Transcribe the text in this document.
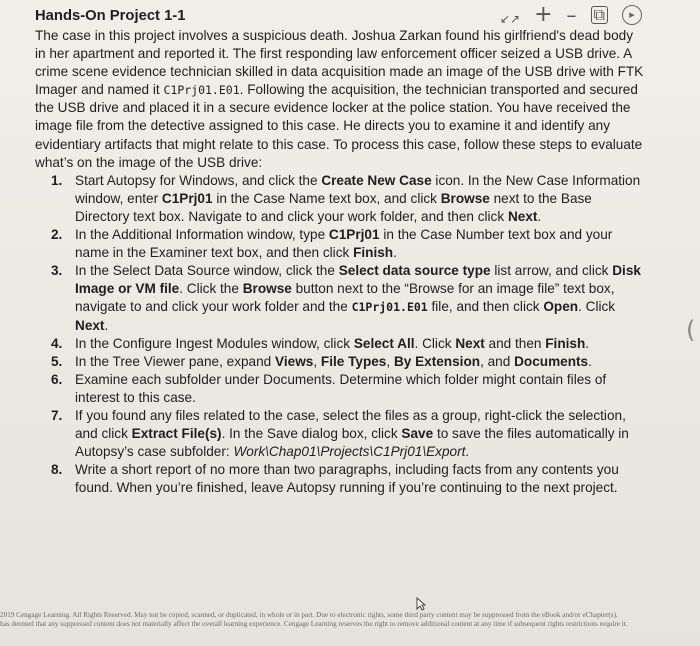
↙↗ + – ⧉	▸
Hands-On Project 1-1

The case in this project involves a suspicious death. Joshua Zarkan found his girlfriend's dead body in her apartment and reported it. The first responding law enforcement officer seized a USB drive. A crime scene evidence technician skilled in data acquisition made an image of the USB drive with FTK Imager and named it C1Prj01.E01. Following the acquisition, the technician transported and secured the USB drive and placed it in a secure evidence locker at the police station. You have received the image file from the detective assigned to this case. He directs you to examine it and identify any evidentiary artifacts that might relate to this case. To process this case, follow these steps to evaluate what’s on the image of the USB drive:

1. Start Autopsy for Windows, and click the Create New Case icon. In the New Case Information window, enter C1Prj01 in the Case Name text box, and click Browse next to the Base Directory text box. Navigate to and click your work folder, and then click Next.
2. In the Additional Information window, type C1Prj01 in the Case Number text box and your name in the Examiner text box, and then click Finish.
3. In the Select Data Source window, click the Select data source type list arrow, and click Disk Image or VM file. Click the Browse button next to the “Browse for an image file” text box, navigate to and click your work folder and the C1Prj01.E01 file, and then click Open. Click Next.
4. In the Configure Ingest Modules window, click Select All. Click Next and then Finish.
5. In the Tree Viewer pane, expand Views, File Types, By Extension, and Documents.
6. Examine each subfolder under Documents. Determine which folder might contain files of interest to this case.
7. If you found any files related to the case, select the files as a group, right-click the selection, and click Extract File(s). In the Save dialog box, click Save to save the files automatically in Autopsy’s case subfolder: Work\Chap01\Projects\C1Prj01\Export.
8. Write a short report of no more than two paragraphs, including facts from any contents you found. When you’re finished, leave Autopsy running if you’re continuing to the next project.
(
2019 Cengage Learning. All Rights Reserved. May not be copied, scanned, or duplicated, in whole or in part. Due to electronic rights, some third party content may be suppressed from the eBook and/or eChapter(s).
has deemed that any suppressed content does not materially affect the overall learning experience. Cengage Learning reserves the right to remove additional content at any time if subsequent rights restrictions require it.
